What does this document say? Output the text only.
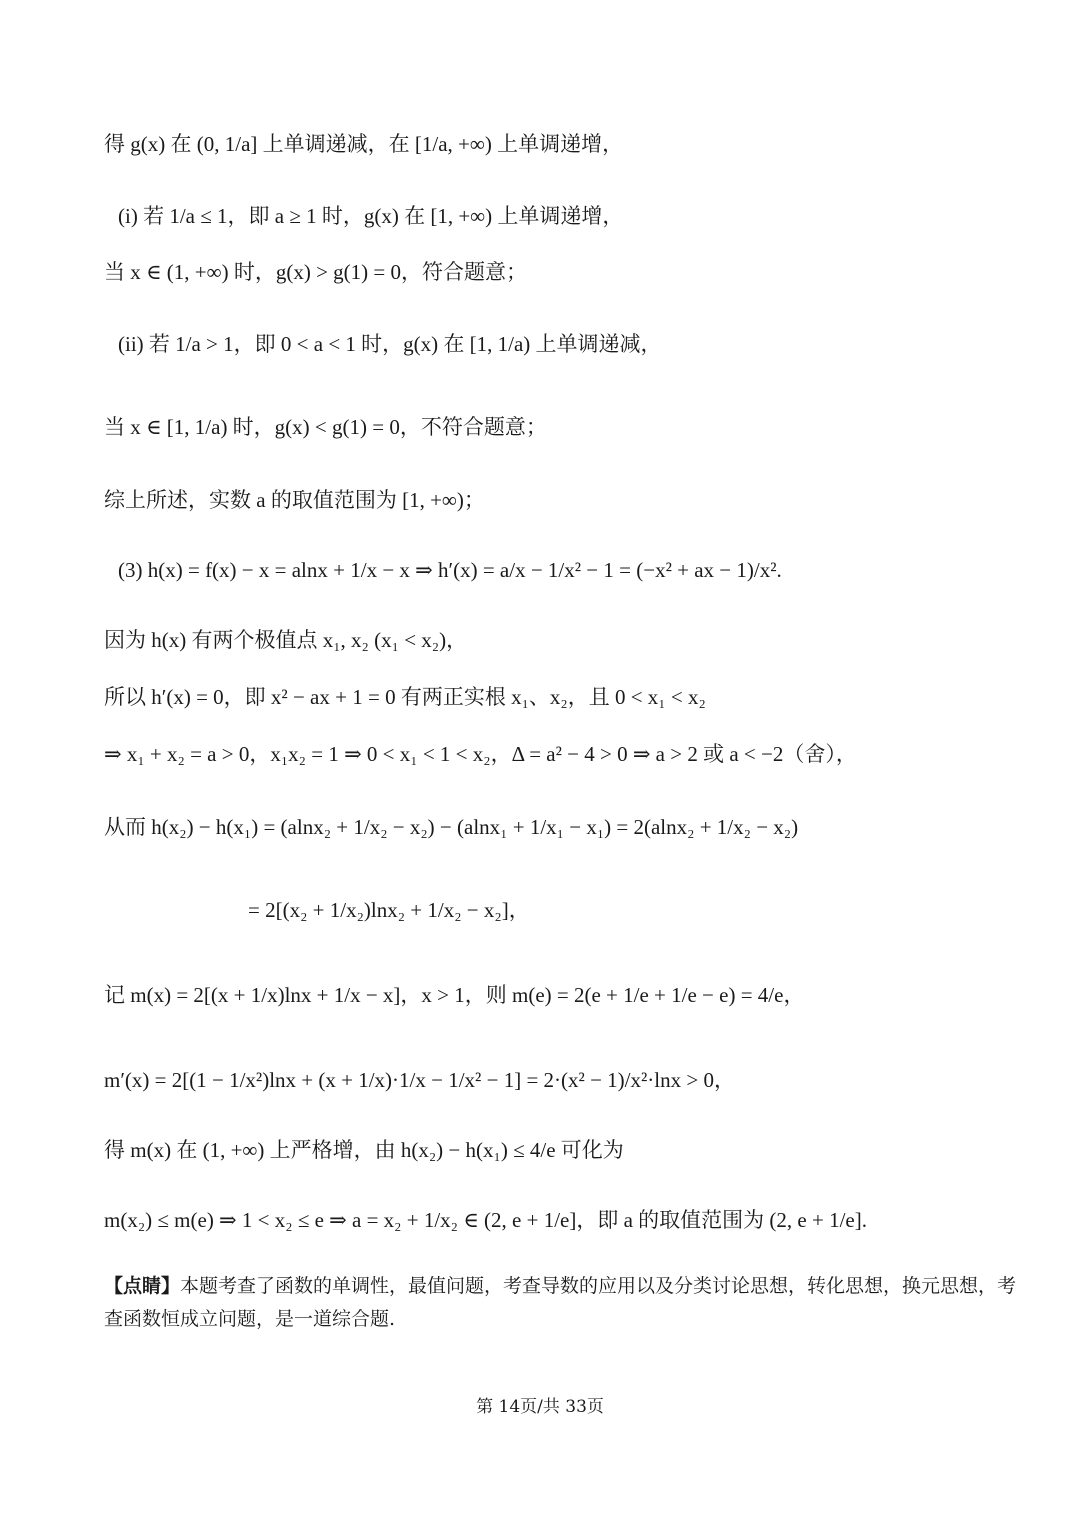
得 g(x) 在 (0, 1/a] 上单调递减，在 [1/a, +∞) 上单调递增，
(i) 若 1/a ≤ 1，即 a ≥ 1 时，g(x) 在 [1, +∞) 上单调递增，
当 x ∈ (1, +∞) 时，g(x) > g(1) = 0，符合题意；
(ii) 若 1/a > 1，即 0 < a < 1 时，g(x) 在 [1, 1/a) 上单调递减，
当 x ∈ [1, 1/a) 时，g(x) < g(1) = 0，不符合题意；
综上所述，实数 a 的取值范围为 [1, +∞)；
(3) h(x) = f(x) − x = alnx + 1/x − x ⇒ h′(x) = a/x − 1/x² − 1 = (−x² + ax − 1)/x².
因为 h(x) 有两个极值点 x₁, x₂ (x₁ < x₂)，
所以 h′(x) = 0，即 x² − ax + 1 = 0 有两正实根 x₁、x₂，且 0 < x₁ < x₂
⇒ x₁ + x₂ = a > 0，x₁x₂ = 1 ⇒ 0 < x₁ < 1 < x₂，Δ = a² − 4 > 0 ⇒ a > 2 或 a < −2（舍），
从而 h(x₂) − h(x₁) = (alnx₂ + 1/x₂ − x₂) − (alnx₁ + 1/x₁ − x₁) = 2(alnx₂ + 1/x₂ − x₂)
= 2[(x₂ + 1/x₂)lnx₂ + 1/x₂ − x₂]，
记 m(x) = 2[(x + 1/x)lnx + 1/x − x]，x > 1，则 m(e) = 2(e + 1/e + 1/e − e) = 4/e，
m′(x) = 2[(1 − 1/x²)lnx + (x + 1/x)·1/x − 1/x² − 1] = 2·(x² − 1)/x²·lnx > 0，
得 m(x) 在 (1, +∞) 上严格增，由 h(x₂) − h(x₁) ≤ 4/e 可化为
m(x₂) ≤ m(e) ⇒ 1 < x₂ ≤ e ⇒ a = x₂ + 1/x₂ ∈ (2, e + 1/e]，即 a 的取值范围为 (2, e + 1/e].
【点睛】本题考查了函数的单调性，最值问题，考查导数的应用以及分类讨论思想，转化思想，换元思想，考查函数恒成立问题，是一道综合题.
第 14页/共 33页
